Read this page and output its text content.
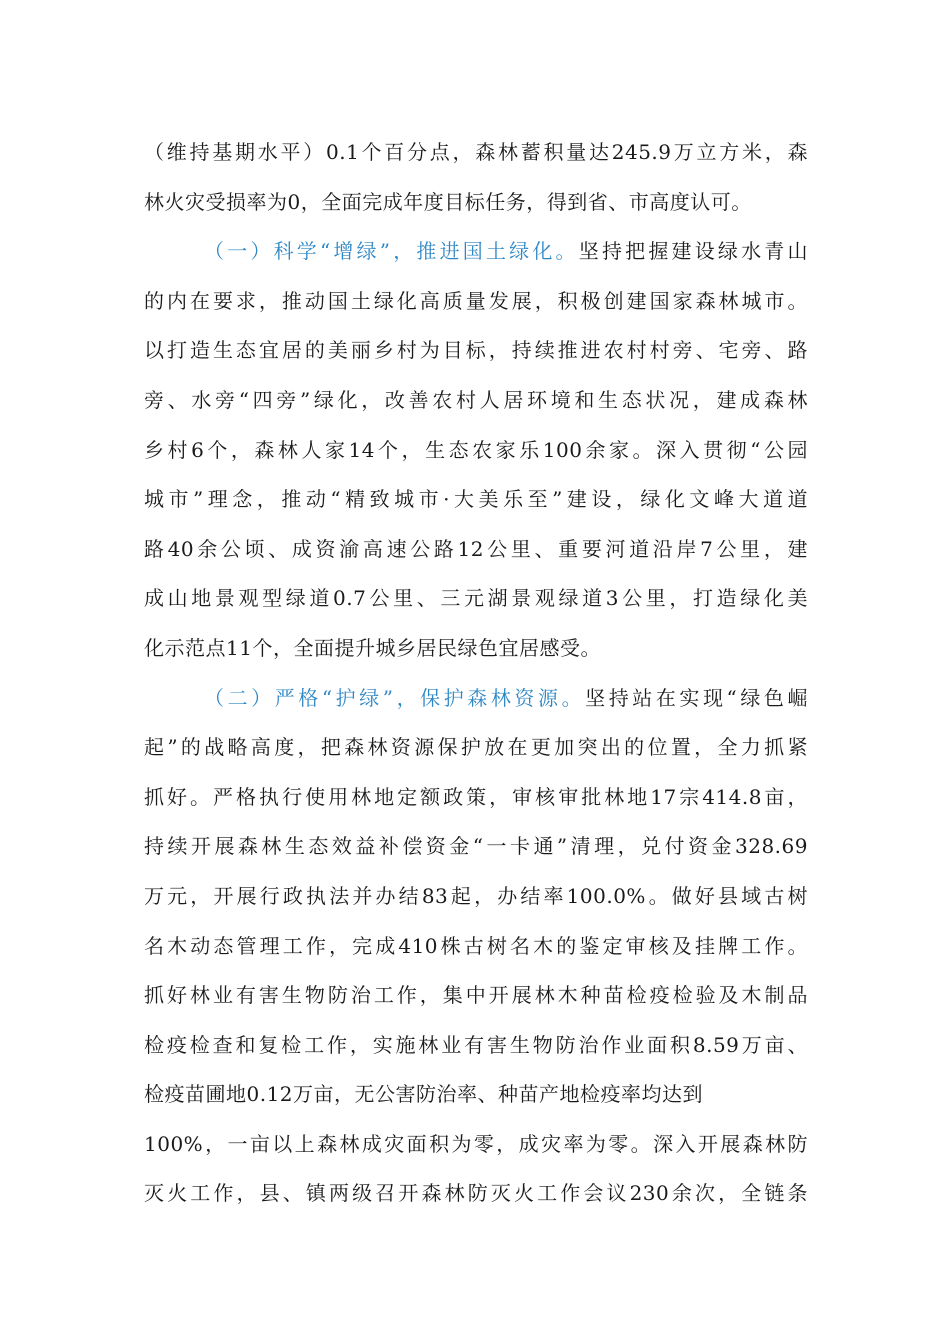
（维持基期水平）0.1个百分点，森林蓄积量达245.9万立方米，森
林火灾受损率为0，全面完成年度目标任务，得到省、市高度认可。
（一）科学“增绿”，推进国土绿化。坚持把握建设绿水青山
的内在要求，推动国土绿化高质量发展，积极创建国家森林城市。
以打造生态宜居的美丽乡村为目标，持续推进农村村旁、宅旁、路
旁、水旁“四旁”绿化，改善农村人居环境和生态状况，建成森林
乡村6个，森林人家14个，生态农家乐100余家。深入贯彻“公园
城市”理念，推动“精致城市·大美乐至”建设，绿化文峰大道道
路40余公顷、成资渝高速公路12公里、重要河道沿岸7公里，建
成山地景观型绿道0.7公里、三元湖景观绿道3公里，打造绿化美
化示范点11个，全面提升城乡居民绿色宜居感受。
（二）严格“护绿”，保护森林资源。坚持站在实现“绿色崛
起”的战略高度，把森林资源保护放在更加突出的位置，全力抓紧
抓好。严格执行使用林地定额政策，审核审批林地17宗414.8亩，
持续开展森林生态效益补偿资金“一卡通”清理，兑付资金328.69
万元，开展行政执法并办结83起，办结率100.0%。做好县域古树
名木动态管理工作，完成410株古树名木的鉴定审核及挂牌工作。
抓好林业有害生物防治工作，集中开展林木种苗检疫检验及木制品
检疫检查和复检工作，实施林业有害生物防治作业面积8.59万亩、
检疫苗圃地0.12万亩，无公害防治率、种苗产地检疫率均达到
100%，一亩以上森林成灾面积为零，成灾率为零。深入开展森林防
灭火工作，县、镇两级召开森林防灭火工作会议230余次，全链条
